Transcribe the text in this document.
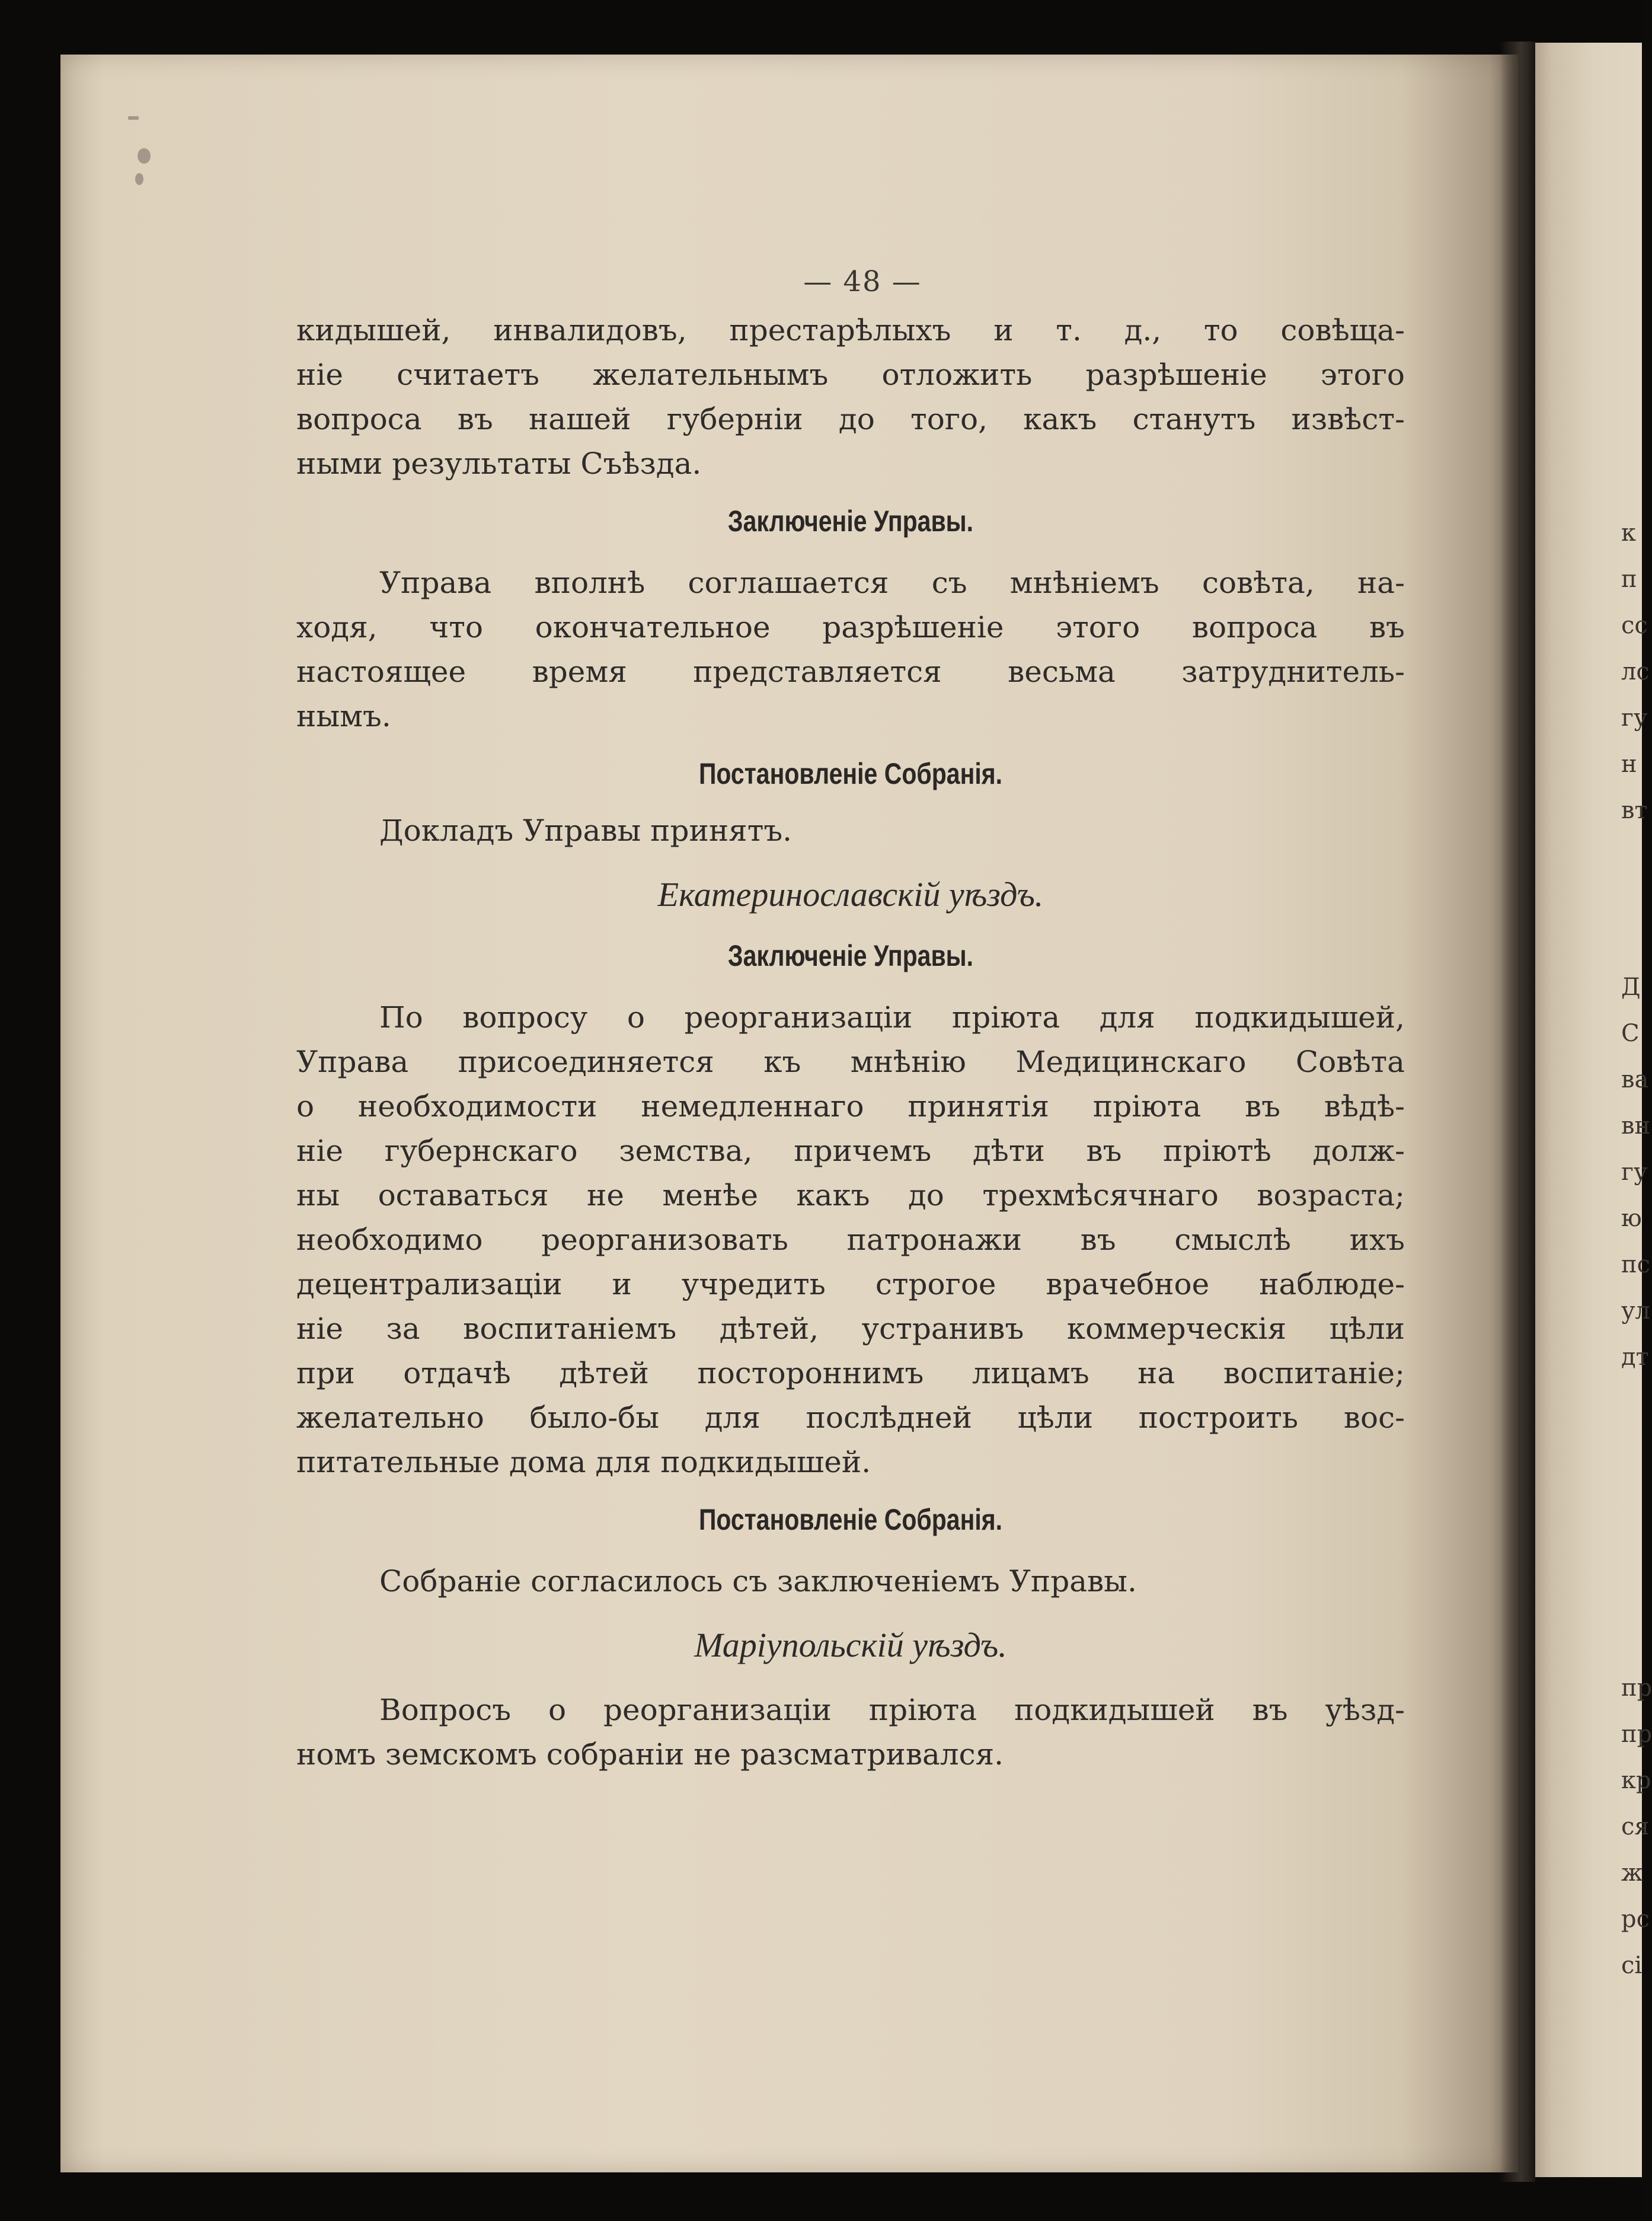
к
п
сс
лс
гу
н
вт
Д
С
ва
вн
гу
ю
пс
ул
дт
пр
пр
кр
ся
ж
рс
сі
— 48 —
кидышей, инвалидовъ, престарѣлыхъ и т. д., то совѣща-
ніе считаетъ желательнымъ отложить разрѣшеніе этого
вопроса въ нашей губерніи до того, какъ станутъ извѣст-
ными результаты Съѣзда.
Заключеніе Управы.
Управа вполнѣ соглашается съ мнѣніемъ совѣта, на-
ходя, что окончательное разрѣшеніе этого вопроса въ
настоящее время представляется весьма затруднитель-
нымъ.
Постановленіе Собранія.
Докладъ Управы принятъ.
Екатеринославскій уѣздъ.
Заключеніе Управы.
По вопросу о реорганизаціи пріюта для подкидышей,
Управа присоединяется къ мнѣнію Медицинскаго Совѣта
о необходимости немедленнаго принятія пріюта въ вѣдѣ-
ніе губернскаго земства, причемъ дѣти въ пріютѣ долж-
ны оставаться не менѣе какъ до трехмѣсячнаго возраста;
необходимо реорганизовать патронажи въ смыслѣ ихъ
децентрализаціи и учредить строгое врачебное наблюде-
ніе за воспитаніемъ дѣтей, устранивъ коммерческія цѣли
при отдачѣ дѣтей постороннимъ лицамъ на воспитаніе;
желательно было-бы для послѣдней цѣли построить вос-
питательные дома для подкидышей.
Постановленіе Собранія.
Собраніе согласилось съ заключеніемъ Управы.
Маріупольскій уѣздъ.
Вопросъ о реорганизаціи пріюта подкидышей въ уѣзд-
номъ земскомъ собраніи не разсматривался.
